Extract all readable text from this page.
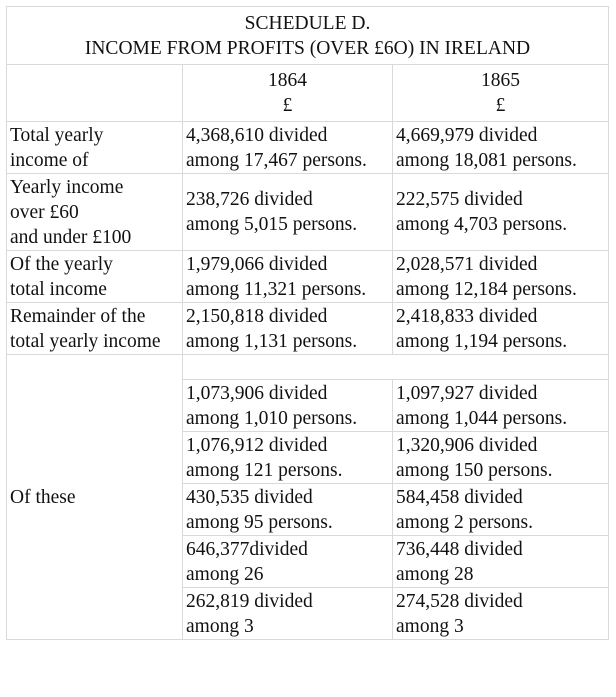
SCHEDULE D.
INCOME FROM PROFITS (OVER £6O) IN IRELAND		

	1864
£	1865
£

Total yearly
income of	4,368,610 divided
among 17,467 persons.	4,669,979 divided
among 18,081 persons.

Yearly income
over £60
and under £100	238,726 divided
among 5,015 persons.	222,575 divided
among 4,703 persons.

Of the yearly
total income	1,979,066 divided
among 11,321 persons.	2,028,571 divided
among 12,184 persons.

Remainder of the
total yearly income	2,150,818 divided
among 1,131 persons.	2,418,833 divided
among 1,194 persons.

Of these		

	1,073,906 divided
among 1,010 persons.	1,097,927 divided
among 1,044 persons.

	1,076,912 divided
among 121 persons.	1,320,906 divided
among 150 persons.

	430,535 divided
among 95 persons.	584,458 divided
among 2 persons.

	646,377divided
among 26	736,448 divided
among 28

	262,819 divided
among 3	274,528 divided
among 3
